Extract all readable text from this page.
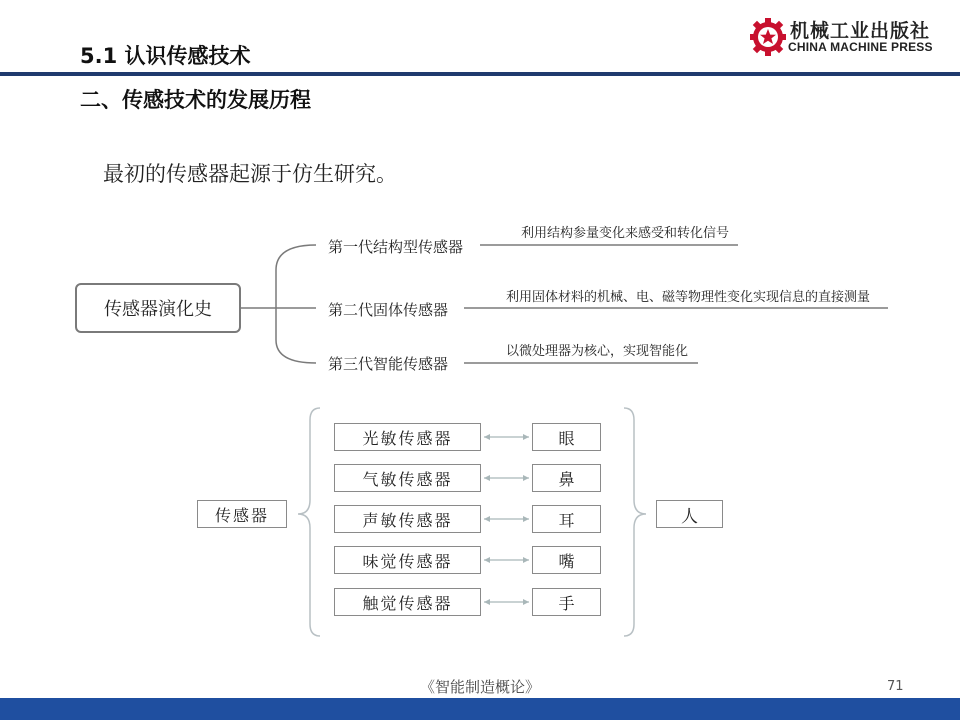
5.1 认识传感技术
二、传感技术的发展历程
机械工业出版社
CHINA MACHINE PRESS
最初的传感器起源于仿生研究。
传感器演化史
第一代结构型传感器
利用结构参量变化来感受和转化信号
第二代固体传感器
利用固体材料的机械、电、磁等物理性变化实现信息的直接测量
第三代智能传感器
以微处理器为核心，实现智能化
传感器	人
光敏传感器	眼
气敏传感器	鼻
声敏传感器	耳
味觉传感器	嘴
触觉传感器	手
《智能制造概论》	71
